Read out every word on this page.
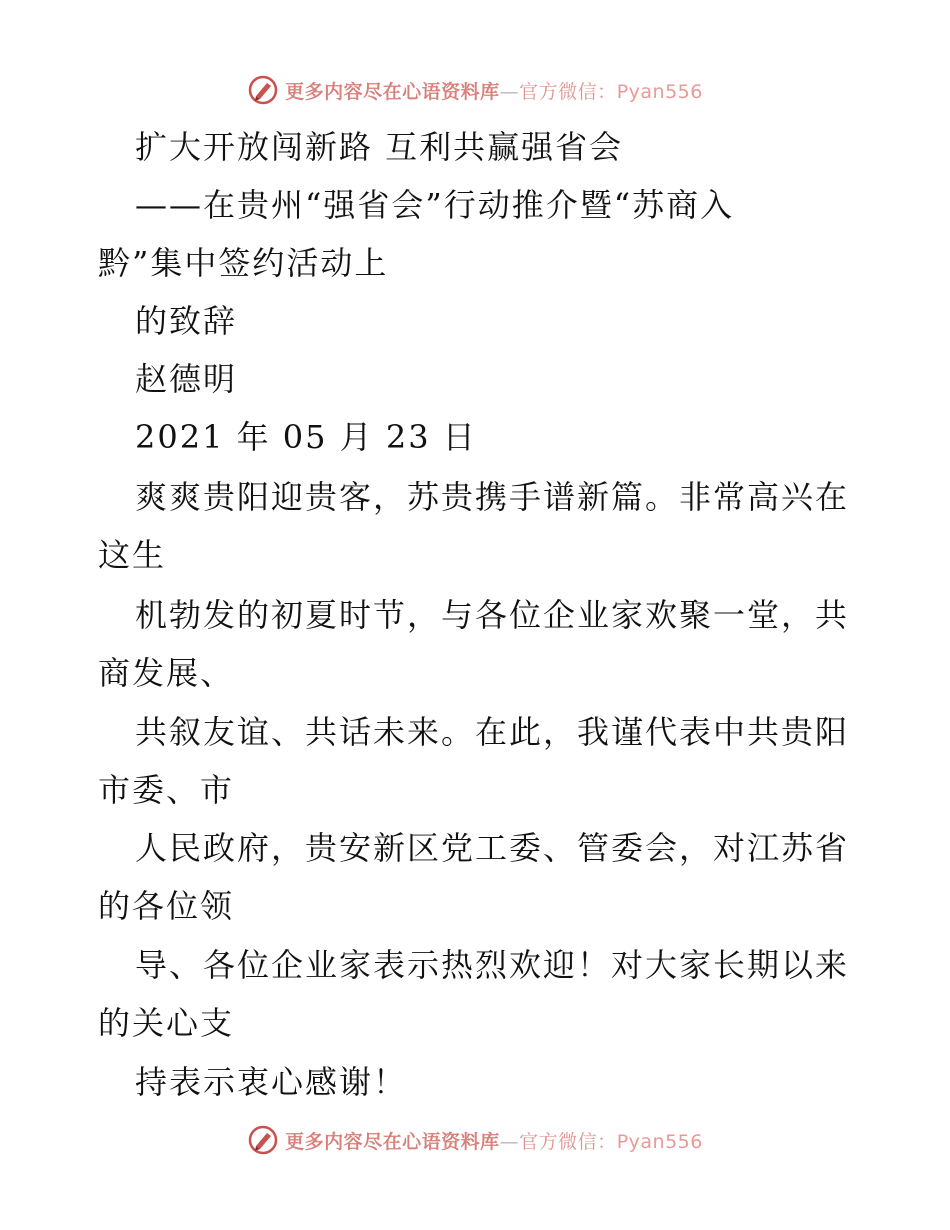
更多内容尽在心语资料库—官方微信：Pyan556
扩大开放闯新路 互利共赢强省会
——在贵州“强省会”行动推介暨“苏商入
黔”集中签约活动上
的致辞
赵德明
2021 年 05 月 23 日
爽爽贵阳迎贵客，苏贵携手谱新篇。非常高兴在
这生
机勃发的初夏时节，与各位企业家欢聚一堂，共
商发展、
共叙友谊、共话未来。在此，我谨代表中共贵阳
市委、市
人民政府，贵安新区党工委、管委会，对江苏省
的各位领
导、各位企业家表示热烈欢迎！对大家长期以来
的关心支
持表示衷心感谢！
更多内容尽在心语资料库—官方微信：Pyan556
